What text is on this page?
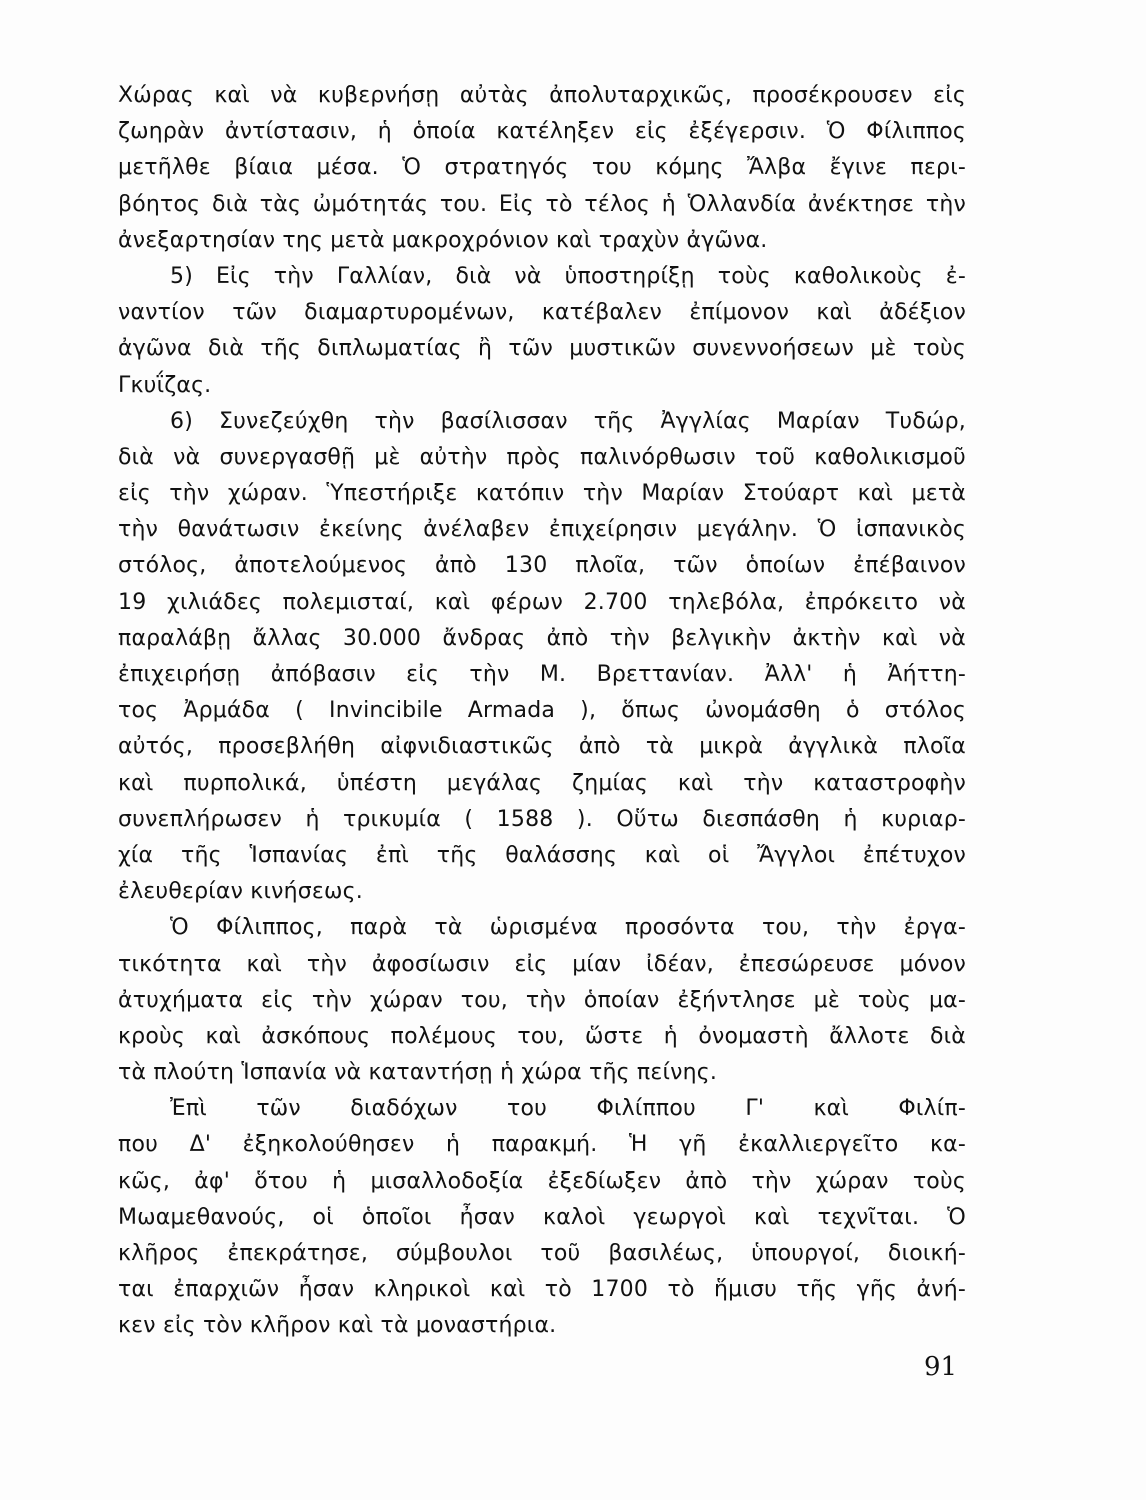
Χώρας καὶ νὰ κυβερνήσῃ αὐτὰς ἀπολυταρχικῶς, προσέκρουσεν εἰς
ζωηρὰν ἀντίστασιν, ἡ ὁποία κατέληξεν εἰς ἐξέγερσιν. Ὁ Φίλιππος
μετῆλθε βίαια μέσα. Ὁ στρατηγός του κόμης Ἄλβα ἔγινε περι-
βόητος διὰ τὰς ὠμότητάς του. Εἰς τὸ τέλος ἡ Ὁλλανδία ἀνέκτησε τὴν
ἀνεξαρτησίαν της μετὰ μακροχρόνιον καὶ τραχὺν ἀγῶνα.
5) Εἰς τὴν Γαλλίαν, διὰ νὰ ὑποστηρίξῃ τοὺς καθολικοὺς ἐ-
ναντίον τῶν διαμαρτυρομένων, κατέβαλεν ἐπίμονον καὶ ἀδέξιον
ἀγῶνα διὰ τῆς διπλωματίας ἢ τῶν μυστικῶν συνεννοήσεων μὲ τοὺς
Γκυΐζας.
6) Συνεζεύχθη τὴν βασίλισσαν τῆς Ἀγγλίας Μαρίαν Τυδώρ,
διὰ νὰ συνεργασθῇ μὲ αὐτὴν πρὸς παλινόρθωσιν τοῦ καθολικισμοῦ
εἰς τὴν χώραν. Ὑπεστήριξε κατόπιν τὴν Μαρίαν Στούαρτ καὶ μετὰ
τὴν θανάτωσιν ἐκείνης ἀνέλαβεν ἐπιχείρησιν μεγάλην. Ὁ ἰσπανικὸς
στόλος, ἀποτελούμενος ἀπὸ 130 πλοῖα, τῶν ὁποίων ἐπέβαινον
19 χιλιάδες πολεμισταί, καὶ φέρων 2.700 τηλεβόλα, ἐπρόκειτο νὰ
παραλάβῃ ἄλλας 30.000 ἄνδρας ἀπὸ τὴν βελγικὴν ἀκτὴν καὶ νὰ
ἐπιχειρήσῃ ἀπόβασιν εἰς τὴν Μ. Βρεττανίαν. Ἀλλ' ἡ Ἀήττη-
τος Ἀρμάδα ( Invincibile Armada ), ὅπως ὠνομάσθη ὁ στόλος
αὐτός, προσεβλήθη αἰφνιδιαστικῶς ἀπὸ τὰ μικρὰ ἀγγλικὰ πλοῖα
καὶ πυρπολικά, ὑπέστη μεγάλας ζημίας καὶ τὴν καταστροφὴν
συνεπλήρωσεν ἡ τρικυμία ( 1588 ). Οὕτω διεσπάσθη ἡ κυριαρ-
χία τῆς Ἱσπανίας ἐπὶ τῆς θαλάσσης καὶ οἱ Ἄγγλοι ἐπέτυχον
ἐλευθερίαν κινήσεως.
Ὁ Φίλιππος, παρὰ τὰ ὡρισμένα προσόντα του, τὴν ἐργα-
τικότητα καὶ τὴν ἀφοσίωσιν εἰς μίαν ἰδέαν, ἐπεσώρευσε μόνον
ἀτυχήματα εἰς τὴν χώραν του, τὴν ὁποίαν ἐξήντλησε μὲ τοὺς μα-
κροὺς καὶ ἀσκόπους πολέμους του, ὥστε ἡ ὀνομαστὴ ἄλλοτε διὰ
τὰ πλούτη Ἱσπανία νὰ καταντήσῃ ἡ χώρα τῆς πείνης.
Ἐπὶ τῶν διαδόχων του Φιλίππου Γ' καὶ Φιλίπ-
που Δ' ἐξηκολούθησεν ἡ παρακμή. Ἡ γῆ ἐκαλλιεργεῖτο κα-
κῶς, ἀφ' ὅτου ἡ μισαλλοδοξία ἐξεδίωξεν ἀπὸ τὴν χώραν τοὺς
Μωαμεθανούς, οἱ ὁποῖοι ἦσαν καλοὶ γεωργοὶ καὶ τεχνῖται. Ὁ
κλῆρος ἐπεκράτησε, σύμβουλοι τοῦ βασιλέως, ὑπουργοί, διοική-
ται ἐπαρχιῶν ἦσαν κληρικοὶ καὶ τὸ 1700 τὸ ἥμισυ τῆς γῆς ἀνή-
κεν εἰς τὸν κλῆρον καὶ τὰ μοναστήρια.
91
